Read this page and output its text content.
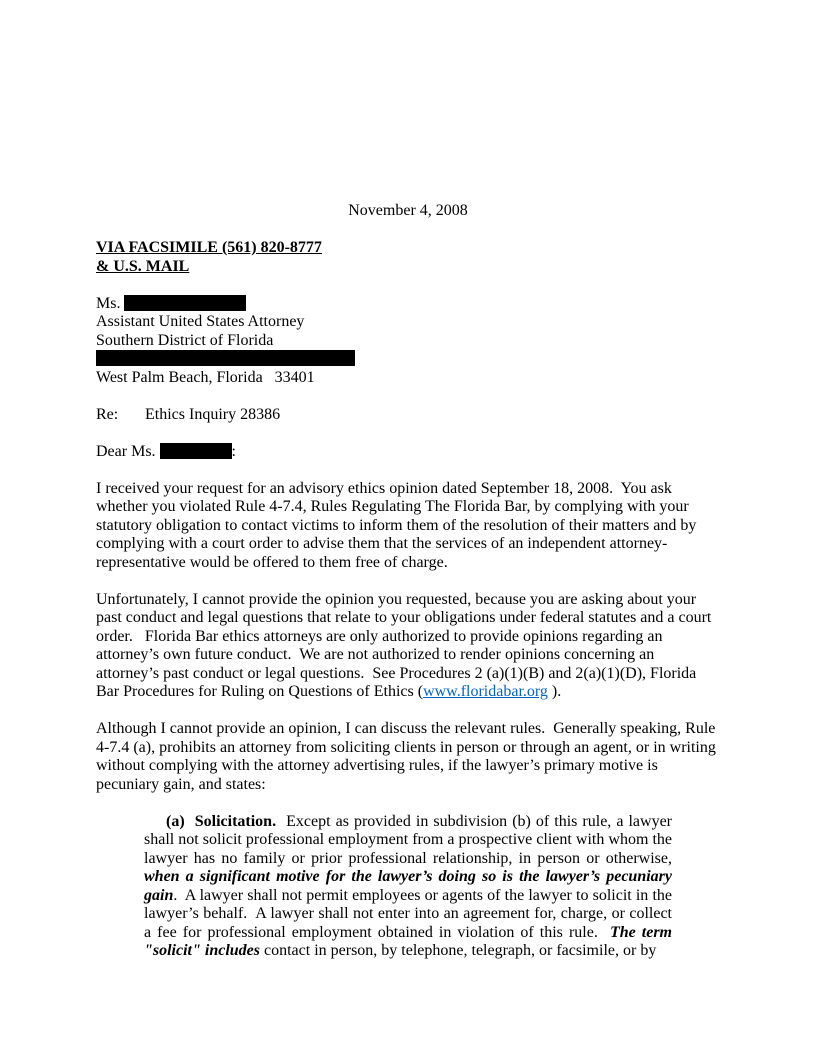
November 4, 2008
VIA FACSIMILE (561) 820-8777
& U.S. MAIL
Ms.
Assistant United States Attorney
Southern District of Florida
West Palm Beach, Florida   33401
Re: Ethics Inquiry 28386
Dear Ms.	:

I received your request for an advisory ethics opinion dated September 18, 2008.  You ask whether you violated Rule 4-7.4, Rules Regulating The Florida Bar, by complying with your statutory obligation to contact victims to inform them of the resolution of their matters and by complying with a court order to advise them that the services of an independent attorney-representative would be offered to them free of charge.

Unfortunately, I cannot provide the opinion you requested, because you are asking about your past conduct and legal questions that relate to your obligations under federal statutes and a court order.   Florida Bar ethics attorneys are only authorized to provide opinions regarding an attorney’s own future conduct.  We are not authorized to render opinions concerning an attorney’s past conduct or legal questions.  See Procedures 2 (a)(1)(B) and 2(a)(1)(D), Florida Bar Procedures for Ruling on Questions of Ethics (www.floridabar.org ).

Although I cannot provide an opinion, I can discuss the relevant rules.  Generally speaking, Rule 4-7.4 (a), prohibits an attorney from soliciting clients in person or through an agent, or in writing without complying with the attorney advertising rules, if the lawyer’s primary motive is pecuniary gain, and states:

(a)  Solicitation.  Except as provided in subdivision (b) of this rule, a lawyer shall not solicit professional employment from a prospective client with whom the lawyer has no family or prior professional relationship, in person or otherwise, when a significant motive for the lawyer’s doing so is the lawyer’s pecuniary gain.  A lawyer shall not permit employees or agents of the lawyer to solicit in the lawyer’s behalf.  A lawyer shall not enter into an agreement for, charge, or collect a fee for professional employment obtained in violation of this rule.  The term "solicit" includes contact in person, by telephone, telegraph, or facsimile, or by
